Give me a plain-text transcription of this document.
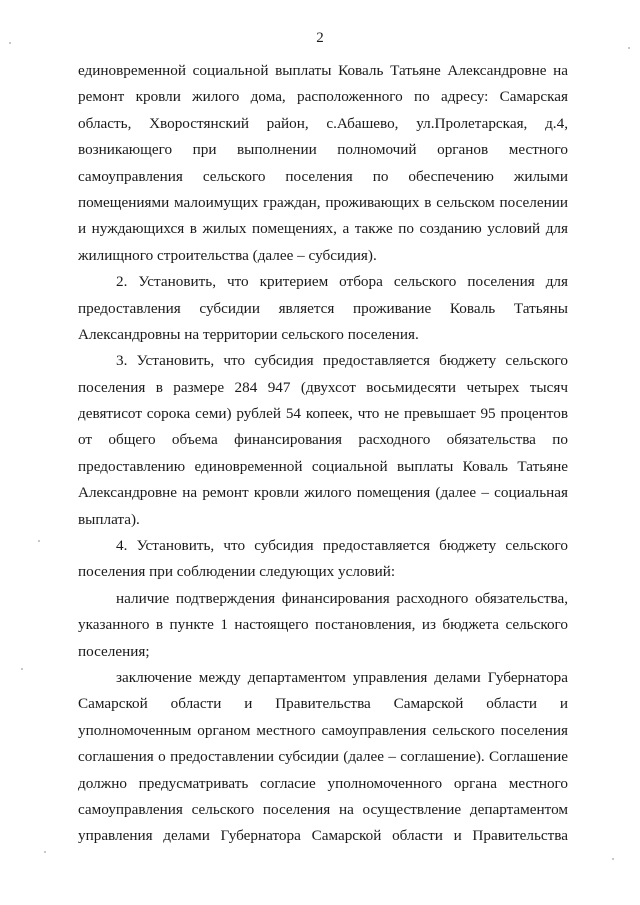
2
единовременной социальной выплаты Коваль Татьяне Александровне на
ремонт кровли жилого дома, расположенного по адресу: Самарская
область, Хворостянский район, с.Абашево, ул.Пролетарская, д.4,
возникающего при выполнении полномочий органов местного
самоуправления сельского поселения по обеспечению жилыми
помещениями малоимущих граждан, проживающих в сельском поселении
и нуждающихся в жилых помещениях, а также по созданию условий для
жилищного строительства (далее – субсидия).
2. Установить, что критерием отбора сельского поселения для
предоставления субсидии является проживание Коваль Татьяны
Александровны на территории сельского поселения.
3. Установить, что субсидия предоставляется бюджету сельского
поселения в размере 284 947 (двухсот восьмидесяти четырех тысяч
девятисот сорока семи) рублей 54 копеек, что не превышает 95 процентов
от общего объема финансирования расходного обязательства по
предоставлению единовременной социальной выплаты Коваль Татьяне
Александровне на ремонт кровли жилого помещения (далее – социальная
выплата).
4. Установить, что субсидия предоставляется бюджету сельского
поселения при соблюдении следующих условий:
наличие подтверждения финансирования расходного обязательства,
указанного в пункте 1 настоящего постановления, из бюджета сельского
поселения;
заключение между департаментом управления делами Губернатора
Самарской области и Правительства Самарской области и
уполномоченным органом местного самоуправления сельского поселения
соглашения о предоставлении субсидии (далее – соглашение). Соглашение
должно предусматривать согласие уполномоченного органа местного
самоуправления сельского поселения на осуществление департаментом
управления делами Губернатора Самарской области и Правительства
